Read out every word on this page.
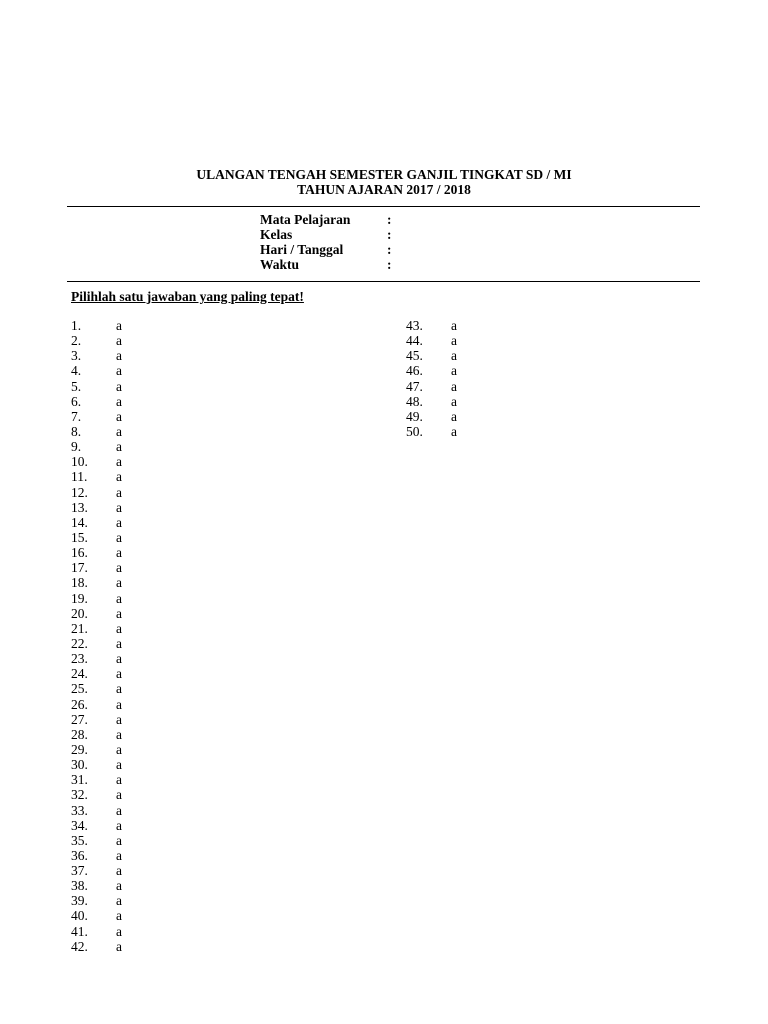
ULANGAN TENGAH SEMESTER GANJIL TINGKAT SD / MI
TAHUN AJARAN 2017 / 2018
Mata Pelajaran	:
Kelas	:
Hari / Tanggal	:
Waktu	:
Pilihlah satu jawaban yang paling tepat!
1.	a
2.	a
3.	a
4.	a
5.	a
6.	a
7.	a
8.	a
9.	a
10. a
11. a
12. a
13. a
14. a
15. a
16. a
17. a
18. a
19. a
20. a
21. a
22. a
23. a
24. a
25. a
26. a
27. a
28. a
29. a
30. a
31. a
32. a
33. a
34. a
35. a
36. a
37. a
38. a
39. a
40. a
41. a
42. a
43. a
44. a
45. a
46. a
47. a
48. a
49. a
50. a
